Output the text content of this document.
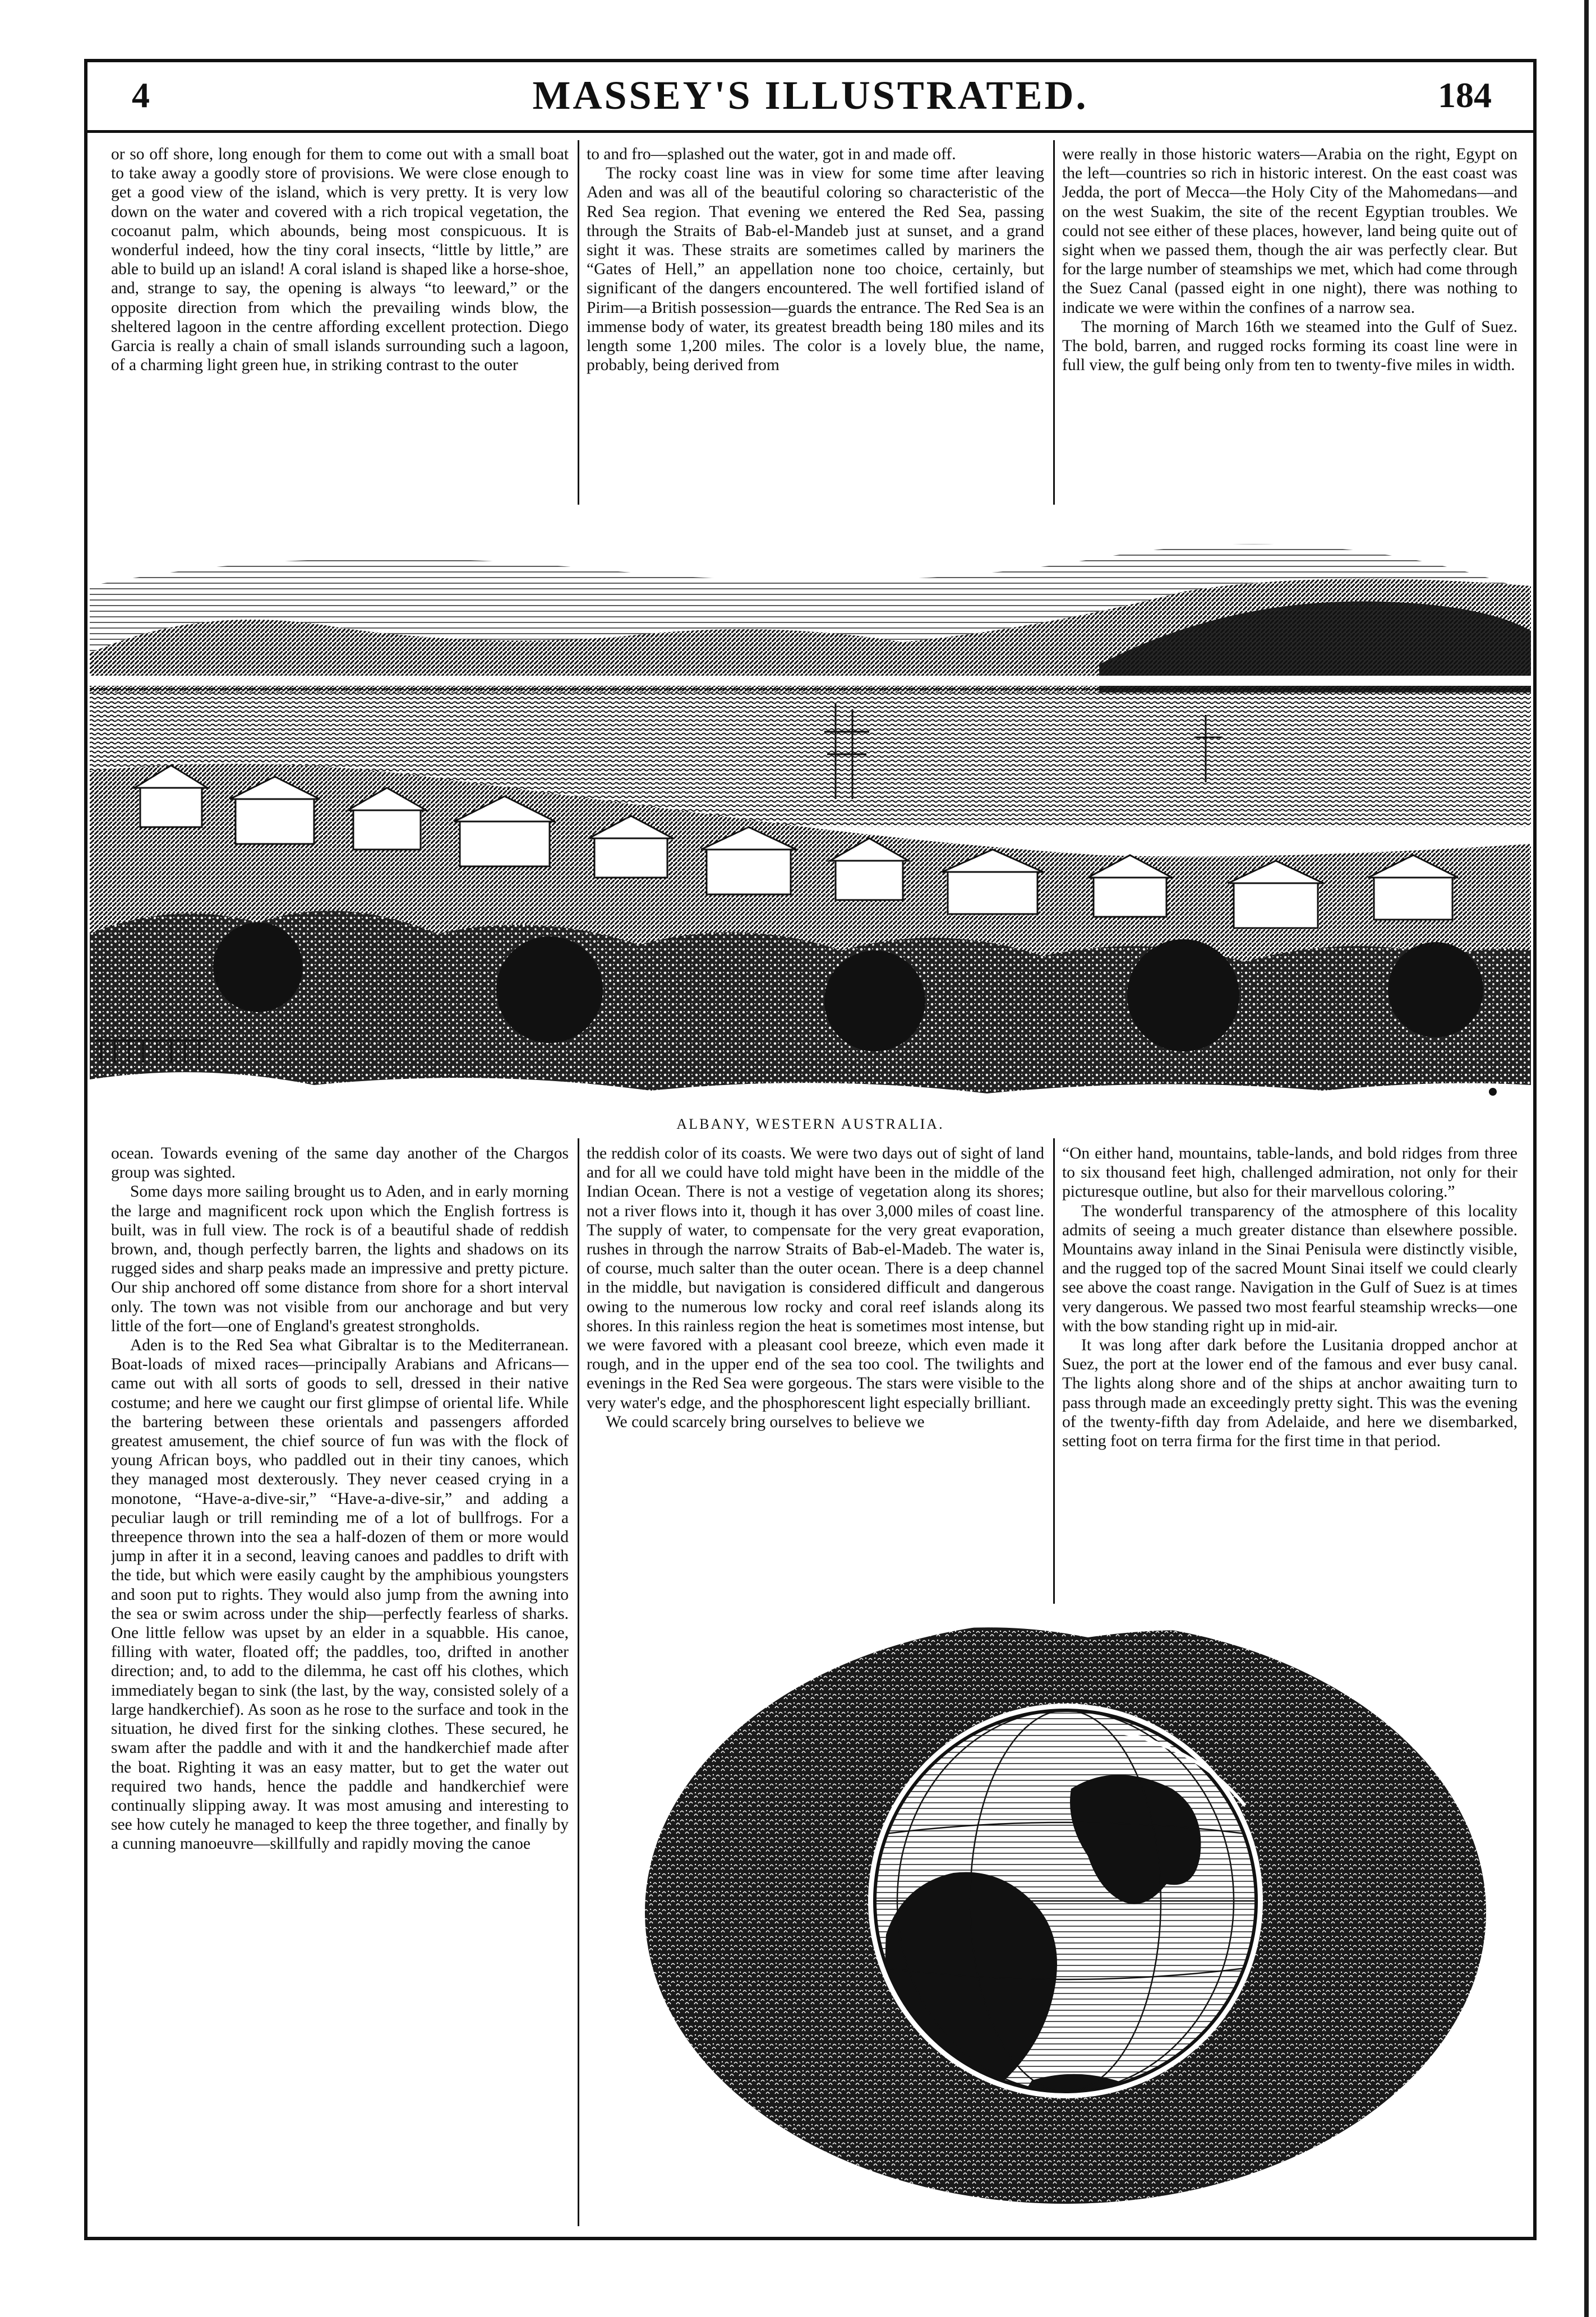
4	MASSEY'S ILLUSTRATED.	184

or so off shore, long enough for them to come out with a small boat to take away a goodly store of provisions. We were close enough to get a good view of the island, which is very pretty. It is very low down on the water and covered with a rich tropical vegetation, the cocoanut palm, which abounds, being most conspicuous. It is wonderful indeed, how the tiny coral insects, “little by little,” are able to build up an island! A coral island is shaped like a horse-shoe, and, strange to say, the opening is always “to leeward,” or the opposite direction from which the prevailing winds blow, the sheltered lagoon in the centre affording excellent protection. Diego Garcia is really a chain of small islands surrounding such a lagoon, of a charming light green hue, in striking contrast to the outer

to and fro—splashed out the water, got in and made off.

The rocky coast line was in view for some time after leaving Aden and was all of the beautiful coloring so characteristic of the Red Sea region. That evening we entered the Red Sea, passing through the Straits of Bab-el-Mandeb just at sunset, and a grand sight it was. These straits are sometimes called by mariners the “Gates of Hell,” an appellation none too choice, certainly, but significant of the dangers encountered. The well fortified island of Pirim—a British possession—guards the entrance. The Red Sea is an immense body of water, its greatest breadth being 180 miles and its length some 1,200 miles. The color is a lovely blue, the name, probably, being derived from

were really in those historic waters—Arabia on the right, Egypt on the left—countries so rich in historic interest. On the east coast was Jedda, the port of Mecca—the Holy City of the Mahomedans—and on the west Suakim, the site of the recent Egyptian troubles. We could not see either of these places, however, land being quite out of sight when we passed them, though the air was perfectly clear. But for the large number of steamships we met, which had come through the Suez Canal (passed eight in one night), there was nothing to indicate we were within the confines of a narrow sea.

The morning of March 16th we steamed into the Gulf of Suez. The bold, barren, and rugged rocks forming its coast line were in full view, the gulf being only from ten to twenty-five miles in width.

ALBANY, WESTERN AUSTRALIA.

ocean. Towards evening of the same day another of the Chargos group was sighted.

Some days more sailing brought us to Aden, and in early morning the large and magnificent rock upon which the English fortress is built, was in full view. The rock is of a beautiful shade of reddish brown, and, though perfectly barren, the lights and shadows on its rugged sides and sharp peaks made an impressive and pretty picture. Our ship anchored off some distance from shore for a short interval only. The town was not visible from our anchorage and but very little of the fort—one of England's greatest strongholds.

Aden is to the Red Sea what Gibraltar is to the Mediterranean. Boat-loads of mixed races—principally Arabians and Africans—came out with all sorts of goods to sell, dressed in their native costume; and here we caught our first glimpse of oriental life. While the bartering between these orientals and passengers afforded greatest amusement, the chief source of fun was with the flock of young African boys, who paddled out in their tiny canoes, which they managed most dexterously. They never ceased crying in a monotone, “Have-a-dive-sir,” “Have-a-dive-sir,” and adding a peculiar laugh or trill reminding me of a lot of bullfrogs. For a threepence thrown into the sea a half-dozen of them or more would jump in after it in a second, leaving canoes and paddles to drift with the tide, but which were easily caught by the amphibious youngsters and soon put to rights. They would also jump from the awning into the sea or swim across under the ship—perfectly fearless of sharks. One little fellow was upset by an elder in a squabble. His canoe, filling with water, floated off; the paddles, too, drifted in another direction; and, to add to the dilemma, he cast off his clothes, which immediately began to sink (the last, by the way, consisted solely of a large handkerchief). As soon as he rose to the surface and took in the situation, he dived first for the sinking clothes. These secured, he swam after the paddle and with it and the handkerchief made after the boat. Righting it was an easy matter, but to get the water out required two hands, hence the paddle and handkerchief were continually slipping away. It was most amusing and interesting to see how cutely he managed to keep the three together, and finally by a cunning manoeuvre—skillfully and rapidly moving the canoe

the reddish color of its coasts. We were two days out of sight of land and for all we could have told might have been in the middle of the Indian Ocean. There is not a vestige of vegetation along its shores; not a river flows into it, though it has over 3,000 miles of coast line. The supply of water, to compensate for the very great evaporation, rushes in through the narrow Straits of Bab-el-Madeb. The water is, of course, much salter than the outer ocean. There is a deep channel in the middle, but navigation is considered difficult and dangerous owing to the numerous low rocky and coral reef islands along its shores. In this rainless region the heat is sometimes most intense, but we were favored with a pleasant cool breeze, which even made it rough, and in the upper end of the sea too cool. The twilights and evenings in the Red Sea were gorgeous. The stars were visible to the very water's edge, and the phosphorescent light especially brilliant.

We could scarcely bring ourselves to believe we

“On either hand, mountains, table-lands, and bold ridges from three to six thousand feet high, challenged admiration, not only for their picturesque outline, but also for their marvellous coloring.”

The wonderful transparency of the atmosphere of this locality admits of seeing a much greater distance than elsewhere possible. Mountains away inland in the Sinai Penisula were distinctly visible, and the rugged top of the sacred Mount Sinai itself we could clearly see above the coast range. Navigation in the Gulf of Suez is at times very dangerous. We passed two most fearful steamship wrecks—one with the bow standing right up in mid-air.

It was long after dark before the Lusitania dropped anchor at Suez, the port at the lower end of the famous and ever busy canal. The lights along shore and of the ships at anchor awaiting turn to pass through made an exceedingly pretty sight. This was the evening of the twenty-fifth day from Adelaide, and here we disembarked, setting foot on terra firma for the first time in that period.
